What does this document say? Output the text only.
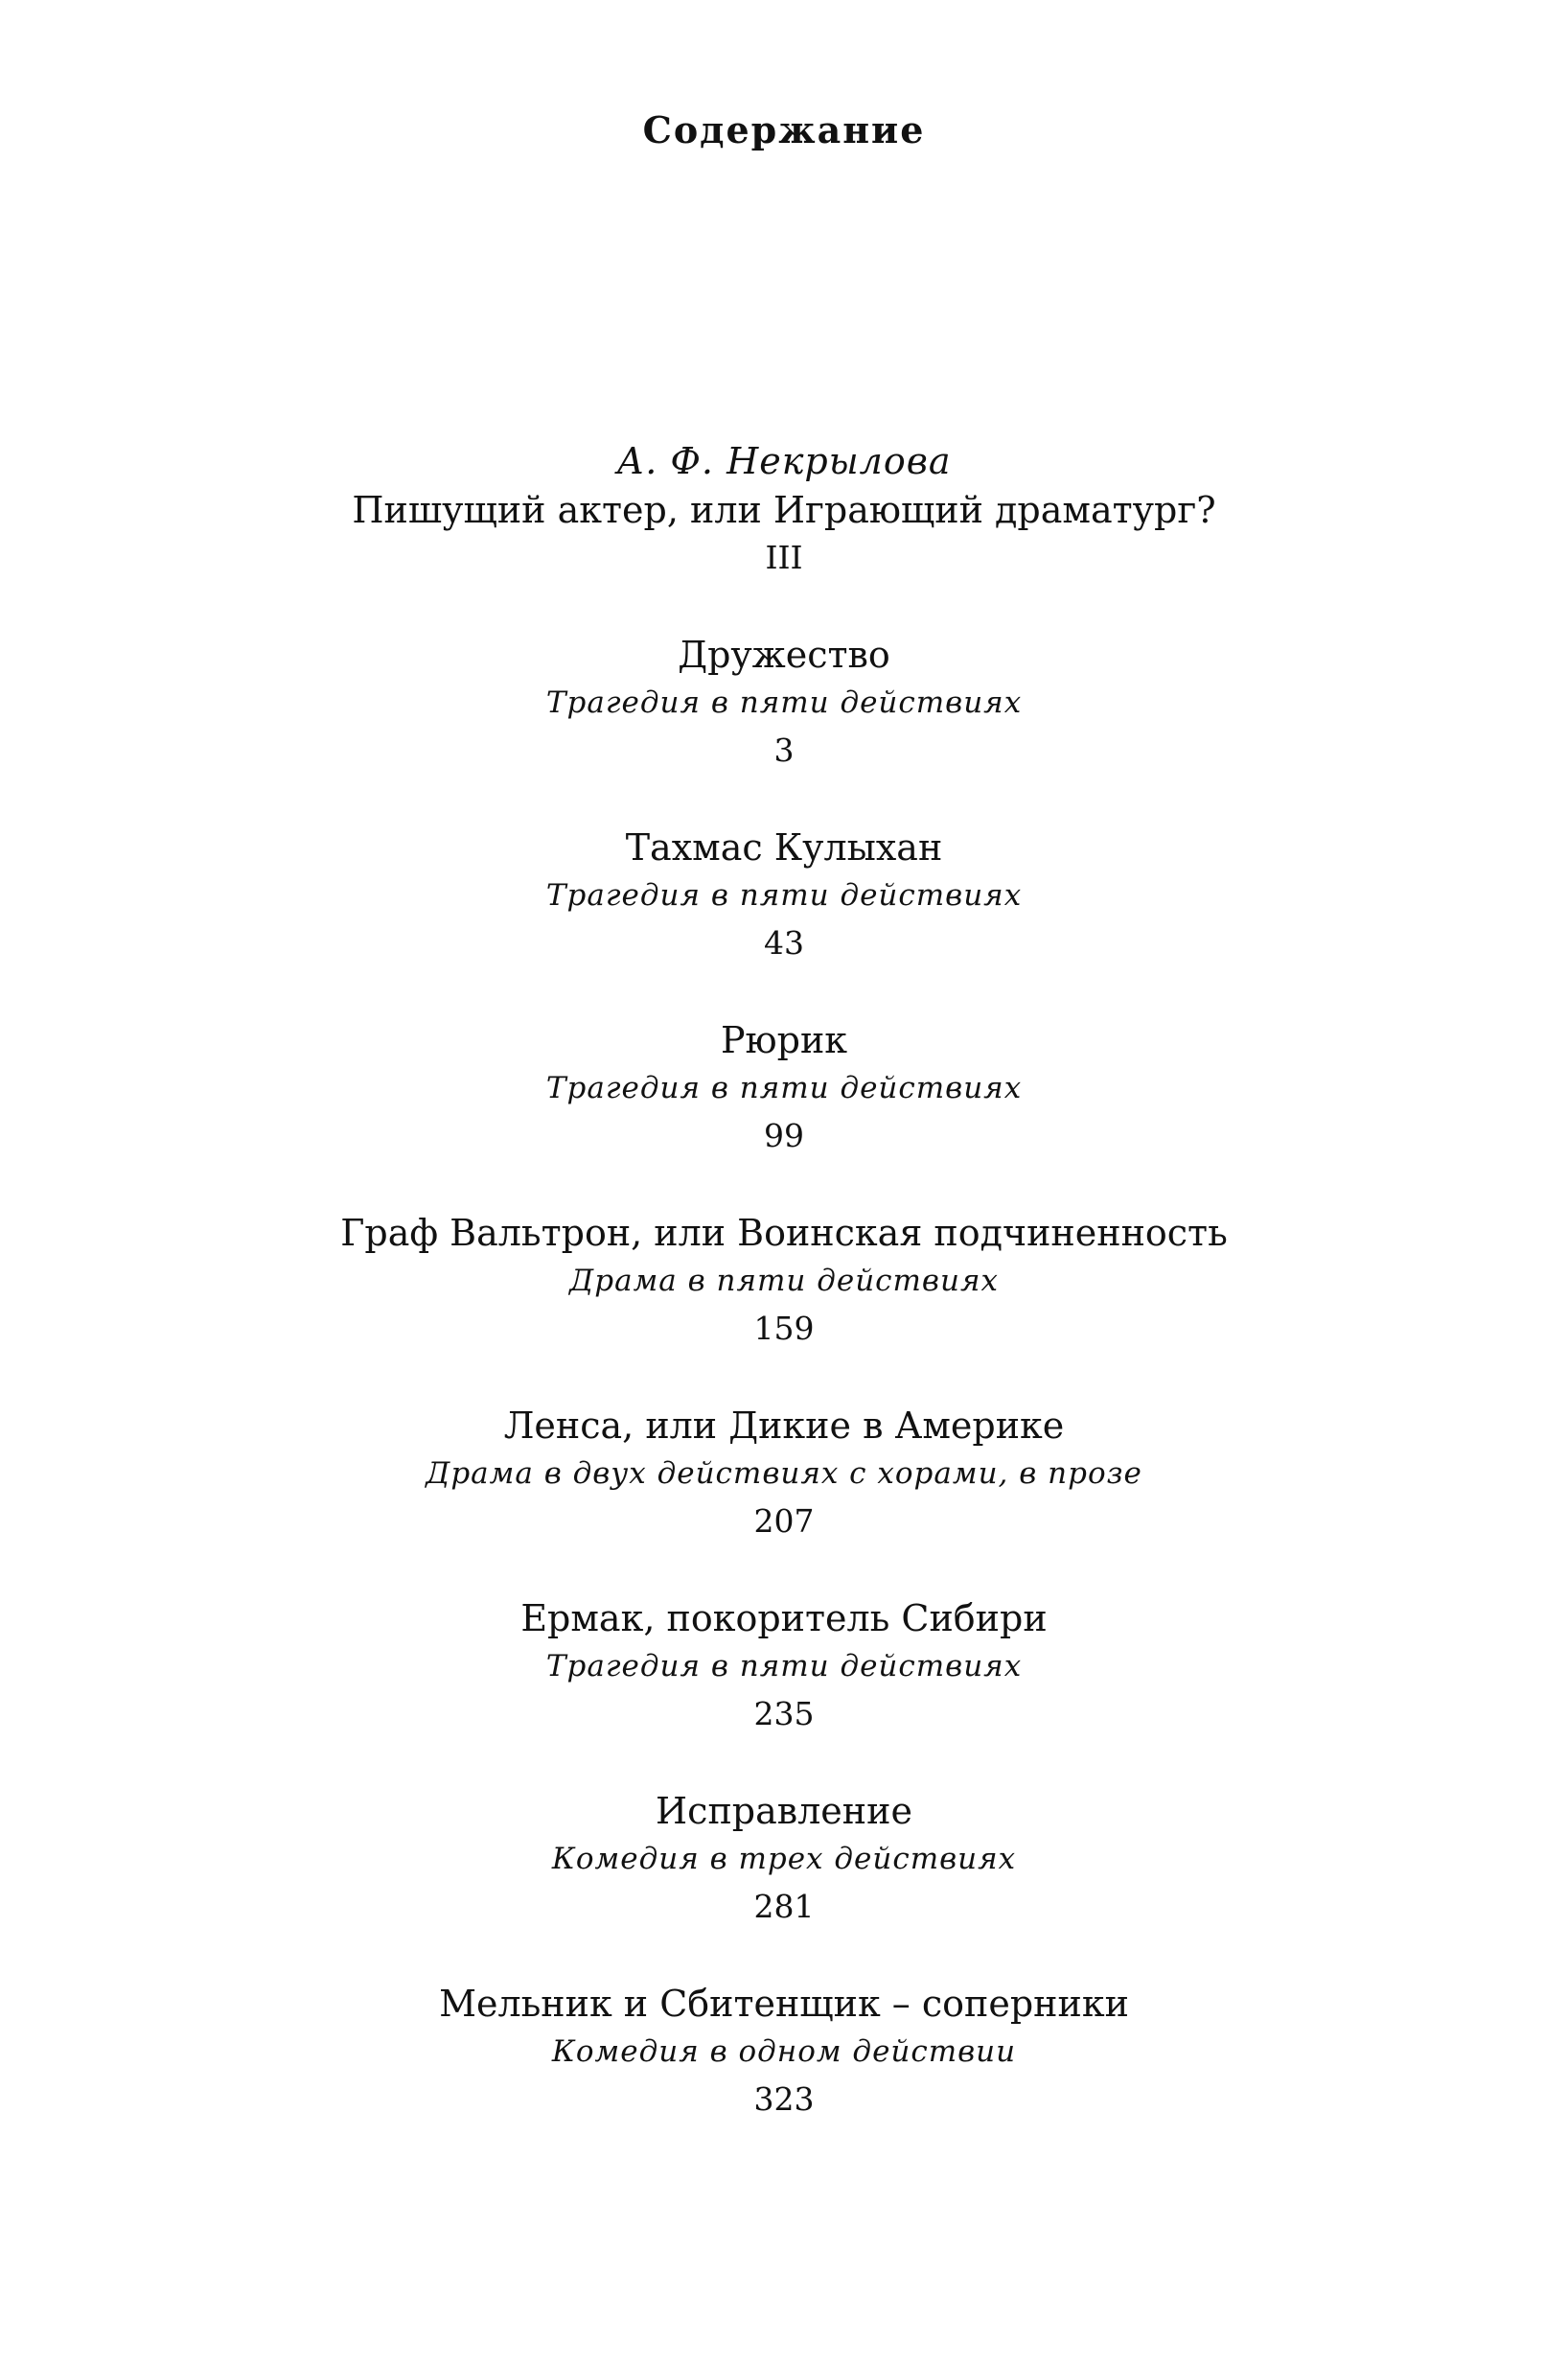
Содержание
А. Ф. Некрылова
Пишущий актер, или Играющий драматург?
III
Дружество
Трагедия в пяти действиях
3
Тахмас Кулыхан
Трагедия в пяти действиях
43
Рюрик
Трагедия в пяти действиях
99
Граф Вальтрон, или Воинская подчиненность
Драма в пяти действиях
159
Ленса, или Дикие в Америке
Драма в двух действиях с хорами, в прозе
207
Ермак, покоритель Сибири
Трагедия в пяти действиях
235
Исправление
Комедия в трех действиях
281
Мельник и Сбитенщик – соперники
Комедия в одном действии
323
